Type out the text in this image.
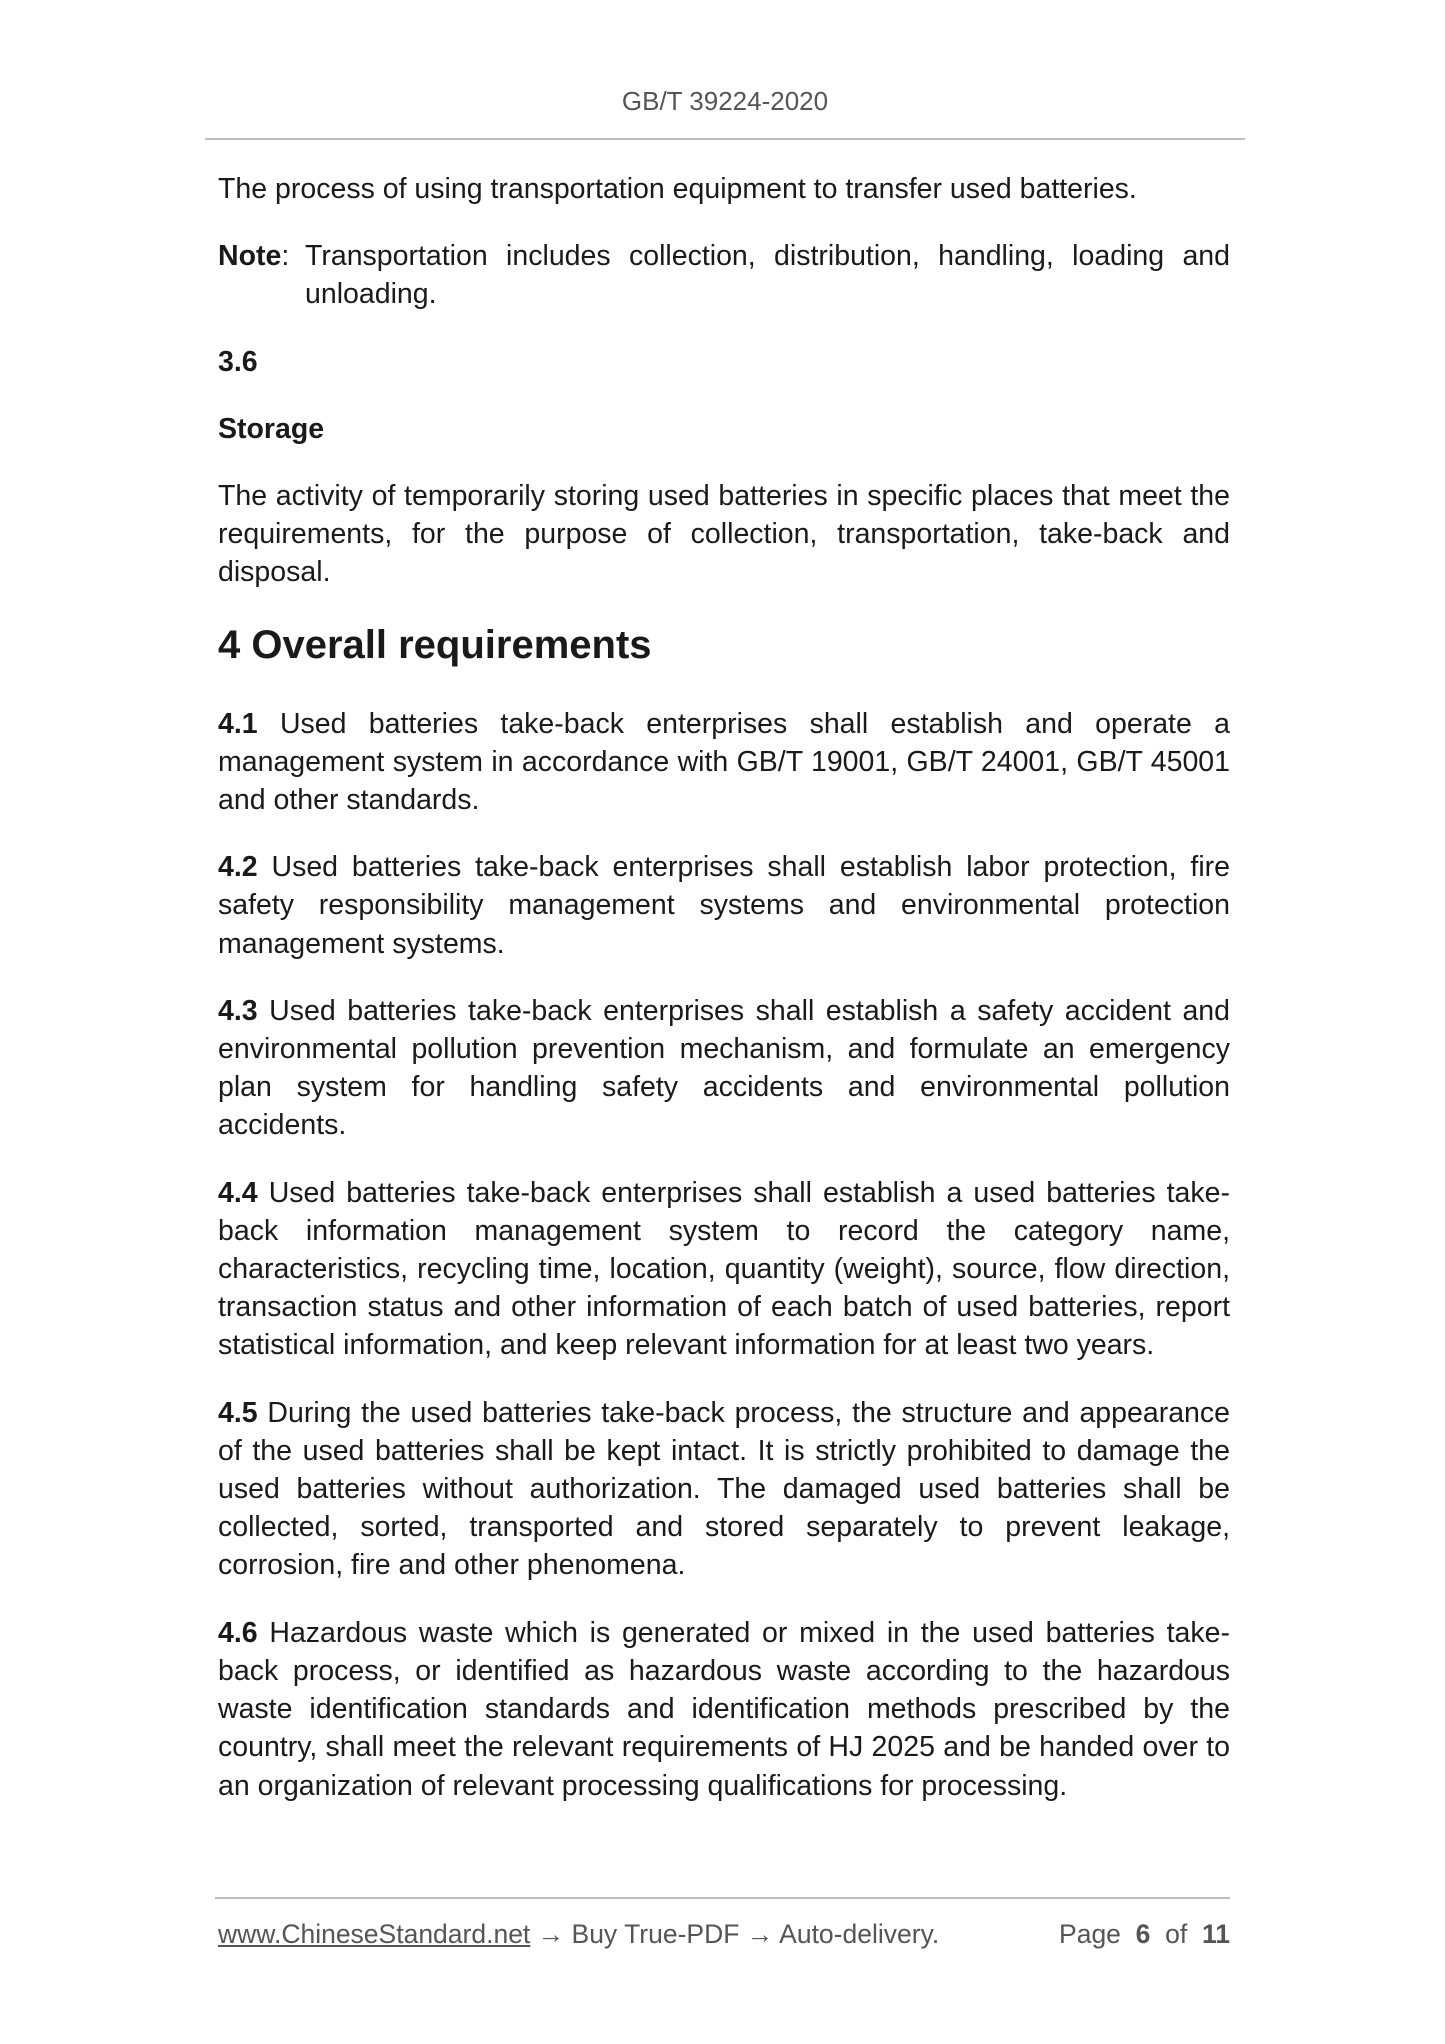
GB/T 39224-2020

The process of using transportation equipment to transfer used batteries.

Note: Transportation includes collection, distribution, handling, loading and unloading.
3.6
Storage

The activity of temporarily storing used batteries in specific places that meet the requirements, for the purpose of collection, transportation, take-back and disposal.

4 Overall requirements

4.1 Used batteries take-back enterprises shall establish and operate a management system in accordance with GB/T 19001, GB/T 24001, GB/T 45001 and other standards.

4.2 Used batteries take-back enterprises shall establish labor protection, fire safety responsibility management systems and environmental protection management systems.

4.3 Used batteries take-back enterprises shall establish a safety accident and environmental pollution prevention mechanism, and formulate an emergency plan system for handling safety accidents and environmental pollution accidents.

4.4 Used batteries take-back enterprises shall establish a used batteries take-back information management system to record the category name, characteristics, recycling time, location, quantity (weight), source, flow direction, transaction status and other information of each batch of used batteries, report statistical information, and keep relevant information for at least two years.

4.5 During the used batteries take-back process, the structure and appearance of the used batteries shall be kept intact. It is strictly prohibited to damage the used batteries without authorization. The damaged used batteries shall be collected, sorted, transported and stored separately to prevent leakage, corrosion, fire and other phenomena.

4.6 Hazardous waste which is generated or mixed in the used batteries take-back process, or identified as hazardous waste according to the hazardous waste identification standards and identification methods prescribed by the country, shall meet the relevant requirements of HJ 2025 and be handed over to an organization of relevant processing qualifications for processing.

www.ChineseStandard.net → Buy True-PDF → Auto-delivery.	Page 6 of 11
